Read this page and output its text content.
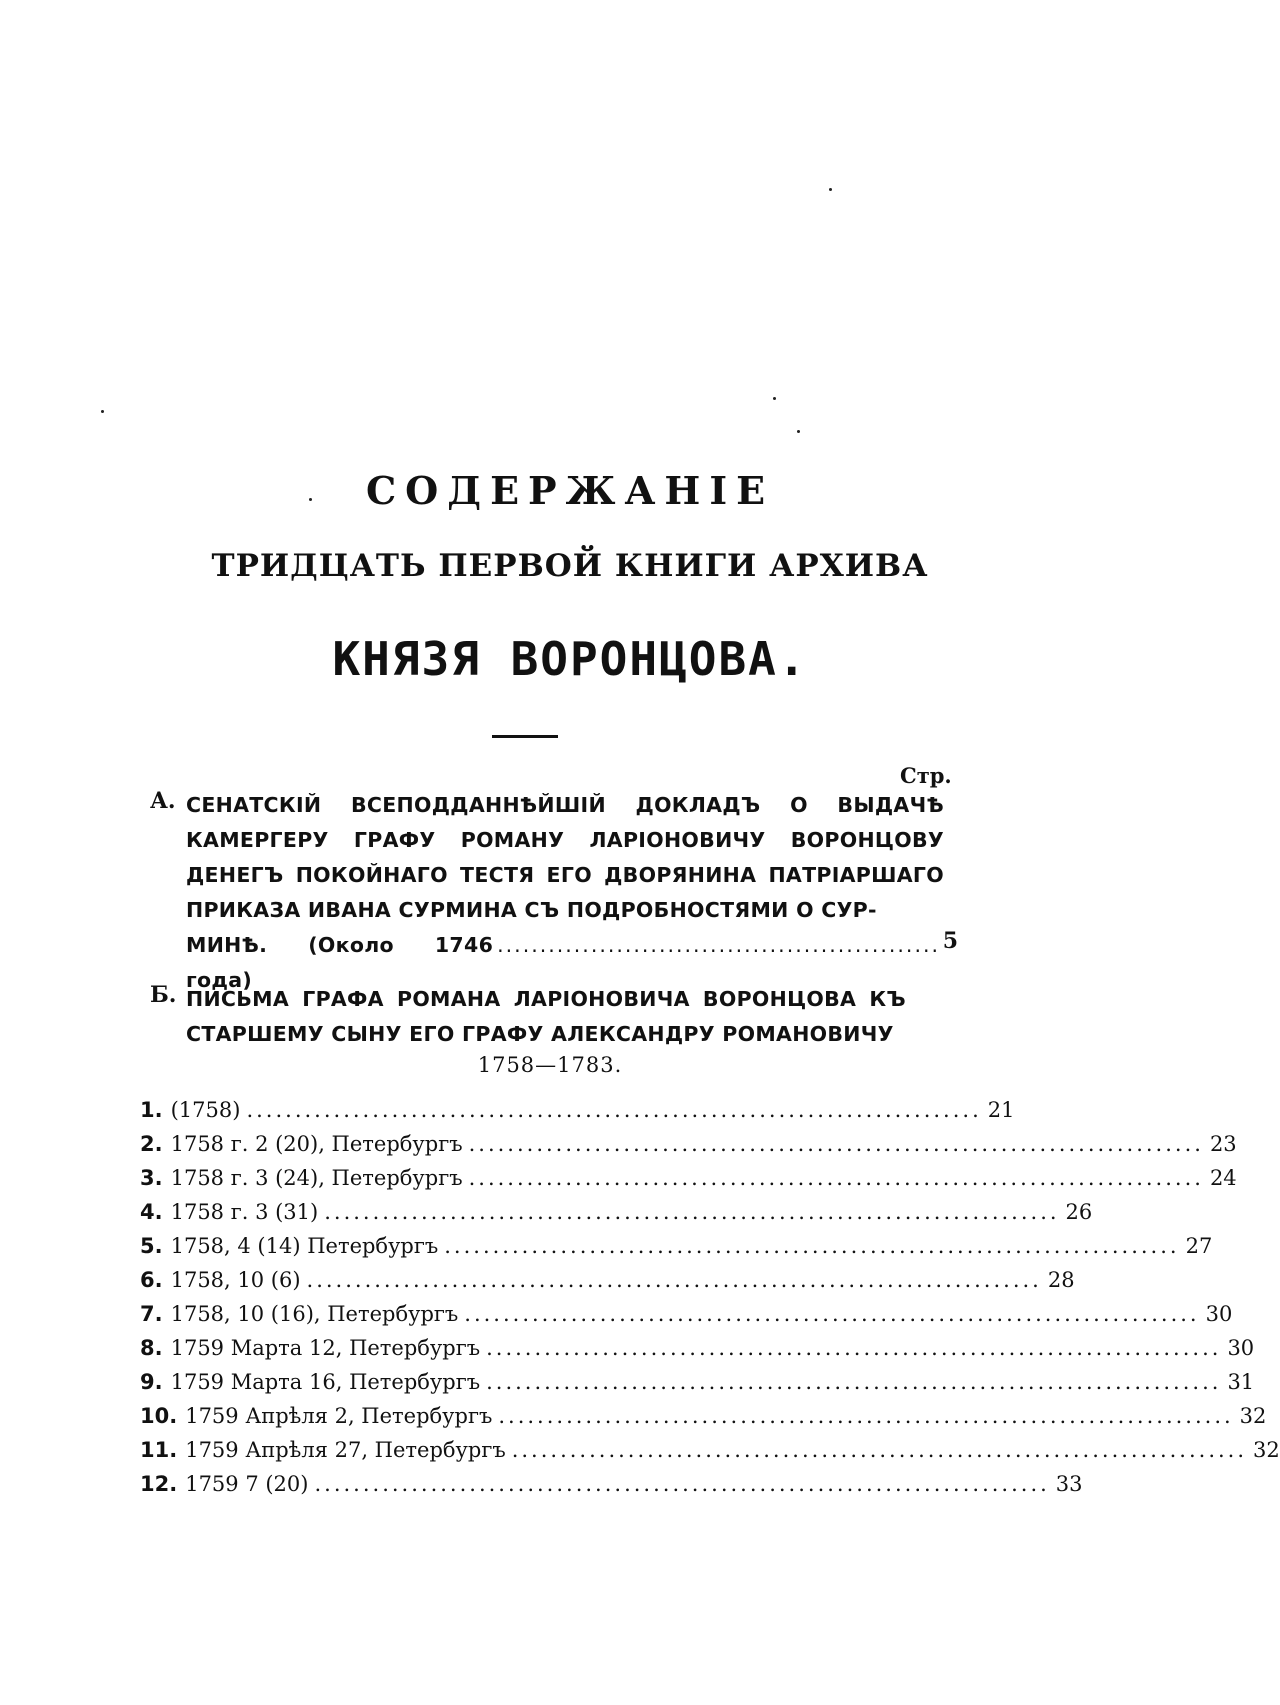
СОДЕРЖАНІЕ
ТРИДЦАТЬ ПЕРВОЙ КНИГИ АРХИВА
КНЯЗЯ ВОРОНЦОВА.
Стр.
А. СЕНАТСКІЙ ВСЕПОДДАННѢЙШІЙ ДОКЛАДЪ О ВЫДАЧѢ КАМЕРГЕРУ ГРАФУ РОМАНУ ЛАРІОНОВИЧУ ВОРОНЦОВУ ДЕНЕГЪ ПОКОЙНАГО ТЕСТЯ ЕГО ДВОРЯНИНА ПАТРІАРШАГО ПРИКАЗА ИВАНА СУРМИНА СЪ ПОДРОБНОСТЯМИ О СУР-
МИНѢ. (Около 1746 года)
.................................................... 5
Б. ПИСЬМА ГРАФА РОМАНА ЛАРІОНОВИЧА ВОРОНЦОВА КЪ СТАРШЕМУ СЫНУ ЕГО ГРАФУ АЛЕКСАНДРУ РОМАНОВИЧУ
1758—1783.
1. (1758) ............................................................................ 21
2. 1758 г. 2 (20), Петербургъ ............................................................................ 23
3. 1758 г. 3 (24), Петербургъ ............................................................................ 24
4. 1758 г. 3 (31) ............................................................................ 26
5. 1758, 4 (14) Петербургъ ............................................................................ 27
6. 1758, 10 (6) ............................................................................ 28
7. 1758, 10 (16), Петербургъ ............................................................................ 30
8. 1759 Марта 12, Петербургъ ............................................................................ 30
9. 1759 Марта 16, Петербургъ ............................................................................ 31
10. 1759 Апрѣля 2, Петербургъ ............................................................................ 32
11. 1759 Апрѣля 27, Петербургъ ............................................................................ 32
12. 1759 7 (20) ............................................................................ 33
